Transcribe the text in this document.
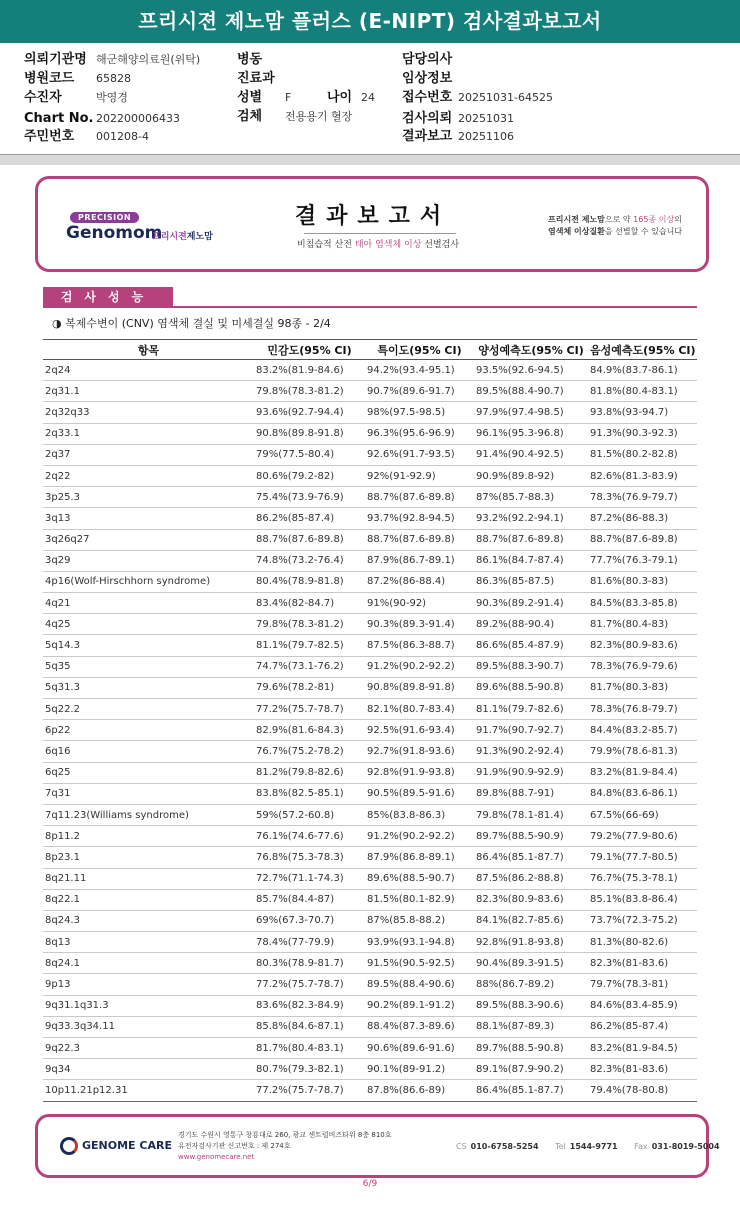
프리시젼 제노맘 플러스 (E-NIPT) 검사결과보고서
의뢰기관명 해군해양의료원(위탁)
병원코드 65828
수진자	박영경
Chart No. 202200006433
주민번호 001208-4
병동
진료과
성별 F	나이 24
검체 전용용기 혈장
담당의사
임상정보
접수번호 20251031-64525
검사의뢰 20251031
결과보고 20251106
PRECISION
Genomom
프리시젼제노맘
결과보고서
비침습적 산전 태아 염색체 이상 선별검사
프리시젼 제노맘으로 약 165종 이상의
염색체 이상질환을 선별할 수 있습니다
검사성능
◑ 복제수변이 (CNV) 염색체 결실 및 미세결실 98종 - 2/4
항목	민감도(95% CI)	특이도(95% CI)	양성예측도(95% CI)	음성예측도(95% CI)
2q24	83.2%(81.9-84.6)	94.2%(93.4-95.1)	93.5%(92.6-94.5)	84.9%(83.7-86.1)
2q31.1	79.8%(78.3-81.2)	90.7%(89.6-91.7)	89.5%(88.4-90.7)	81.8%(80.4-83.1)
2q32q33	93.6%(92.7-94.4)	98%(97.5-98.5)	97.9%(97.4-98.5)	93.8%(93-94.7)
2q33.1	90.8%(89.8-91.8)	96.3%(95.6-96.9)	96.1%(95.3-96.8)	91.3%(90.3-92.3)
2q37	79%(77.5-80.4)	92.6%(91.7-93.5)	91.4%(90.4-92.5)	81.5%(80.2-82.8)
2q22	80.6%(79.2-82)	92%(91-92.9)	90.9%(89.8-92)	82.6%(81.3-83.9)
3p25.3	75.4%(73.9-76.9)	88.7%(87.6-89.8)	87%(85.7-88.3)	78.3%(76.9-79.7)
3q13	86.2%(85-87.4)	93.7%(92.8-94.5)	93.2%(92.2-94.1)	87.2%(86-88.3)
3q26q27	88.7%(87.6-89.8)	88.7%(87.6-89.8)	88.7%(87.6-89.8)	88.7%(87.6-89.8)
3q29	74.8%(73.2-76.4)	87.9%(86.7-89.1)	86.1%(84.7-87.4)	77.7%(76.3-79.1)
4p16(Wolf-Hirschhorn syndrome)	80.4%(78.9-81.8)	87.2%(86-88.4)	86.3%(85-87.5)	81.6%(80.3-83)
4q21	83.4%(82-84.7)	91%(90-92)	90.3%(89.2-91.4)	84.5%(83.3-85.8)
4q25	79.8%(78.3-81.2)	90.3%(89.3-91.4)	89.2%(88-90.4)	81.7%(80.4-83)
5q14.3	81.1%(79.7-82.5)	87.5%(86.3-88.7)	86.6%(85.4-87.9)	82.3%(80.9-83.6)
5q35	74.7%(73.1-76.2)	91.2%(90.2-92.2)	89.5%(88.3-90.7)	78.3%(76.9-79.6)
5q31.3	79.6%(78.2-81)	90.8%(89.8-91.8)	89.6%(88.5-90.8)	81.7%(80.3-83)
5q22.2	77.2%(75.7-78.7)	82.1%(80.7-83.4)	81.1%(79.7-82.6)	78.3%(76.8-79.7)
6p22	82.9%(81.6-84.3)	92.5%(91.6-93.4)	91.7%(90.7-92.7)	84.4%(83.2-85.7)
6q16	76.7%(75.2-78.2)	92.7%(91.8-93.6)	91.3%(90.2-92.4)	79.9%(78.6-81.3)
6q25	81.2%(79.8-82.6)	92.8%(91.9-93.8)	91.9%(90.9-92.9)	83.2%(81.9-84.4)
7q31	83.8%(82.5-85.1)	90.5%(89.5-91.6)	89.8%(88.7-91)	84.8%(83.6-86.1)
7q11.23(Williams syndrome)	59%(57.2-60.8)	85%(83.8-86.3)	79.8%(78.1-81.4)	67.5%(66-69)
8p11.2	76.1%(74.6-77.6)	91.2%(90.2-92.2)	89.7%(88.5-90.9)	79.2%(77.9-80.6)
8p23.1	76.8%(75.3-78.3)	87.9%(86.8-89.1)	86.4%(85.1-87.7)	79.1%(77.7-80.5)
8q21.11	72.7%(71.1-74.3)	89.6%(88.5-90.7)	87.5%(86.2-88.8)	76.7%(75.3-78.1)
8q22.1	85.7%(84.4-87)	81.5%(80.1-82.9)	82.3%(80.9-83.6)	85.1%(83.8-86.4)
8q24.3	69%(67.3-70.7)	87%(85.8-88.2)	84.1%(82.7-85.6)	73.7%(72.3-75.2)
8q13	78.4%(77-79.9)	93.9%(93.1-94.8)	92.8%(91.8-93.8)	81.3%(80-82.6)
8q24.1	80.3%(78.9-81.7)	91.5%(90.5-92.5)	90.4%(89.3-91.5)	82.3%(81-83.6)
9p13	77.2%(75.7-78.7)	89.5%(88.4-90.6)	88%(86.7-89.2)	79.7%(78.3-81)
9q31.1q31.3	83.6%(82.3-84.9)	90.2%(89.1-91.2)	89.5%(88.3-90.6)	84.6%(83.4-85.9)
9q33.3q34.11	85.8%(84.6-87.1)	88.4%(87.3-89.6)	88.1%(87-89.3)	86.2%(85-87.4)
9q22.3	81.7%(80.4-83.1)	90.6%(89.6-91.6)	89.7%(88.5-90.8)	83.2%(81.9-84.5)
9q34	80.7%(79.3-82.1)	90.1%(89-91.2)	89.1%(87.9-90.2)	82.3%(81-83.6)
10p11.21p12.31	77.2%(75.7-78.7)	87.8%(86.6-89)	86.4%(85.1-87.7)	79.4%(78-80.8)
GENOME CARE
경기도 수원시 영통구 창룡대로 260, 광교 센트럴비즈타워 8층 810호
유전자검사기관 신고번호 : 제 274호
www.genomecare.net
CS 010-6758-5254 Tel 1544-9771 Fax 031-8019-5004
6/9
